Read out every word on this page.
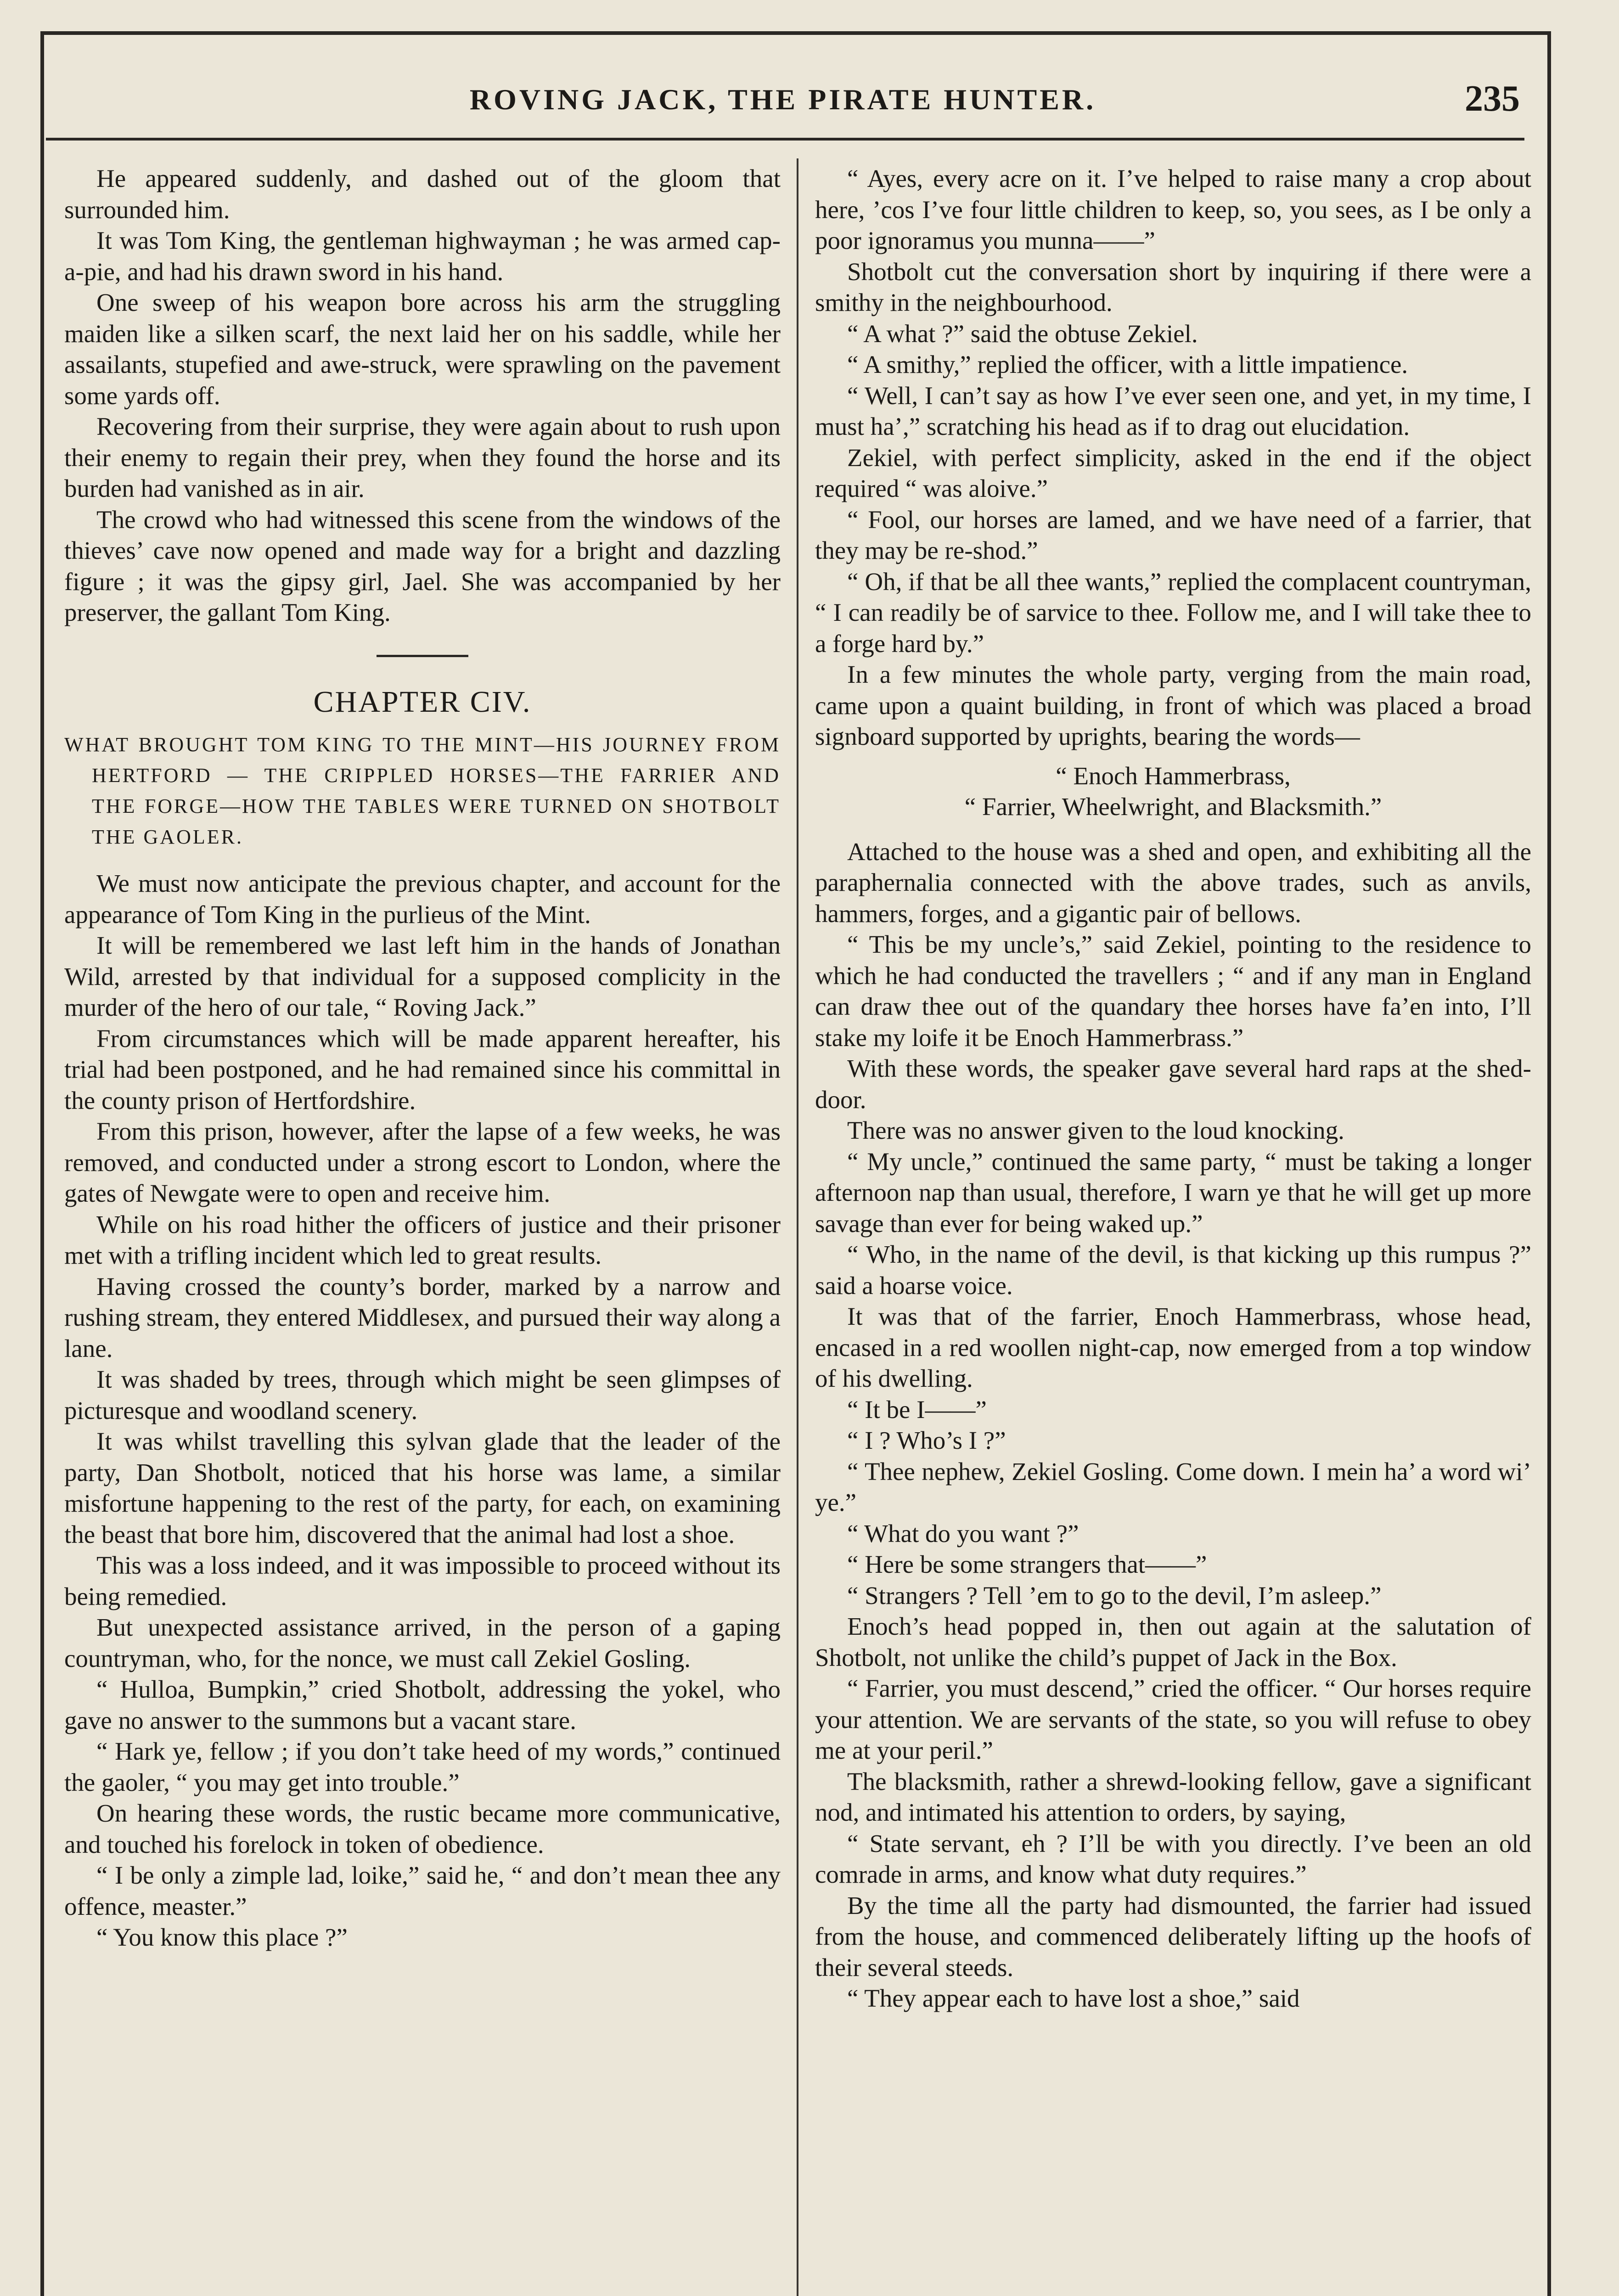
ROVING JACK, THE PIRATE HUNTER.	235

He appeared suddenly, and dashed out of the gloom that surrounded him.

It was Tom King, the gentleman highwayman ; he was armed cap-a-pie, and had his drawn sword in his hand.

One sweep of his weapon bore across his arm the struggling maiden like a silken scarf, the next laid her on his saddle, while her assailants, stupefied and awe-struck, were sprawling on the pavement some yards off.

Recovering from their surprise, they were again about to rush upon their enemy to regain their prey, when they found the horse and its burden had vanished as in air.

The crowd who had witnessed this scene from the windows of the thieves’ cave now opened and made way for a bright and dazzling figure ; it was the gipsy girl, Jael. She was accompanied by her preserver, the gallant Tom King.

CHAPTER CIV.

WHAT BROUGHT TOM KING TO THE MINT—HIS JOURNEY FROM HERTFORD — THE CRIPPLED HORSES—THE FARRIER AND THE FORGE—HOW THE TABLES WERE TURNED ON SHOTBOLT THE GAOLER.

We must now anticipate the previous chapter, and account for the appearance of Tom King in the purlieus of the Mint.

It will be remembered we last left him in the hands of Jonathan Wild, arrested by that individual for a supposed complicity in the murder of the hero of our tale, “ Roving Jack.”

From circumstances which will be made apparent hereafter, his trial had been postponed, and he had remained since his committal in the county prison of Hertfordshire.

From this prison, however, after the lapse of a few weeks, he was removed, and conducted under a strong escort to London, where the gates of Newgate were to open and receive him.

While on his road hither the officers of justice and their prisoner met with a trifling incident which led to great results.

Having crossed the county’s border, marked by a narrow and rushing stream, they entered Middlesex, and pursued their way along a lane.

It was shaded by trees, through which might be seen glimpses of picturesque and woodland scenery.

It was whilst travelling this sylvan glade that the leader of the party, Dan Shotbolt, noticed that his horse was lame, a similar misfortune happening to the rest of the party, for each, on examining the beast that bore him, discovered that the animal had lost a shoe.

This was a loss indeed, and it was impossible to proceed without its being remedied.

But unexpected assistance arrived, in the person of a gaping countryman, who, for the nonce, we must call Zekiel Gosling.

“ Hulloa, Bumpkin,” cried Shotbolt, addressing the yokel, who gave no answer to the summons but a vacant stare.

“ Hark ye, fellow ; if you don’t take heed of my words,” continued the gaoler, “ you may get into trouble.”

On hearing these words, the rustic became more communicative, and touched his forelock in token of obedience.

“ I be only a zimple lad, loike,” said he, “ and don’t mean thee any offence, measter.”

“ You know this place ?”

“ Ayes, every acre on it. I’ve helped to raise many a crop about here, ’cos I’ve four little children to keep, so, you sees, as I be only a poor ignoramus you munna——”

Shotbolt cut the conversation short by inquiring if there were a smithy in the neighbourhood.

“ A what ?” said the obtuse Zekiel.

“ A smithy,” replied the officer, with a little impatience.

“ Well, I can’t say as how I’ve ever seen one, and yet, in my time, I must ha’,” scratching his head as if to drag out elucidation.

Zekiel, with perfect simplicity, asked in the end if the object required “ was aloive.”

“ Fool, our horses are lamed, and we have need of a farrier, that they may be re-shod.”

“ Oh, if that be all thee wants,” replied the complacent countryman, “ I can readily be of sarvice to thee. Follow me, and I will take thee to a forge hard by.”

In a few minutes the whole party, verging from the main road, came upon a quaint building, in front of which was placed a broad signboard supported by uprights, bearing the words—

“ Enoch Hammerbrass,

“ Farrier, Wheelwright, and Blacksmith.”

Attached to the house was a shed and open, and exhibiting all the paraphernalia connected with the above trades, such as anvils, hammers, forges, and a gigantic pair of bellows.

“ This be my uncle’s,” said Zekiel, pointing to the residence to which he had conducted the travellers ; “ and if any man in England can draw thee out of the quandary thee horses have fa’en into, I’ll stake my loife it be Enoch Hammerbrass.”

With these words, the speaker gave several hard raps at the shed-door.

There was no answer given to the loud knocking.

“ My uncle,” continued the same party, “ must be taking a longer afternoon nap than usual, therefore, I warn ye that he will get up more savage than ever for being waked up.”

“ Who, in the name of the devil, is that kicking up this rumpus ?” said a hoarse voice.

It was that of the farrier, Enoch Hammerbrass, whose head, encased in a red woollen night-cap, now emerged from a top window of his dwelling.

“ It be I——”

“ I ? Who’s I ?”

“ Thee nephew, Zekiel Gosling. Come down. I mein ha’ a word wi’ ye.”

“ What do you want ?”

“ Here be some strangers that——”

“ Strangers ? Tell ’em to go to the devil, I’m asleep.”

Enoch’s head popped in, then out again at the salutation of Shotbolt, not unlike the child’s puppet of Jack in the Box.

“ Farrier, you must descend,” cried the officer. “ Our horses require your attention. We are servants of the state, so you will refuse to obey me at your peril.”

The blacksmith, rather a shrewd-looking fellow, gave a significant nod, and intimated his attention to orders, by saying,

“ State servant, eh ? I’ll be with you directly. I’ve been an old comrade in arms, and know what duty requires.”

By the time all the party had dismounted, the farrier had issued from the house, and commenced deliberately lifting up the hoofs of their several steeds.

“ They appear each to have lost a shoe,” said
